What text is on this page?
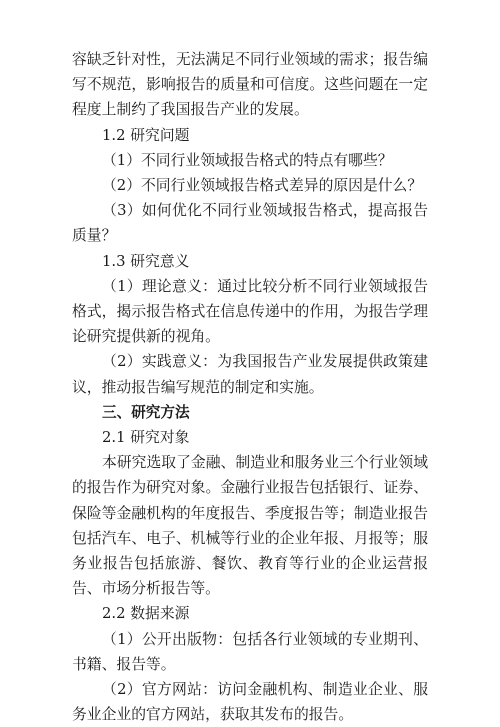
容缺乏针对性，无法满足不同行业领域的需求；报告编写不规范，影响报告的质量和可信度。这些问题在一定程度上制约了我国报告产业的发展。

1.2 研究问题

（1）不同行业领域报告格式的特点有哪些？

（2）不同行业领域报告格式差异的原因是什么？

（3）如何优化不同行业领域报告格式，提高报告质量？

1.3 研究意义

（1）理论意义：通过比较分析不同行业领域报告格式，揭示报告格式在信息传递中的作用，为报告学理论研究提供新的视角。

（2）实践意义：为我国报告产业发展提供政策建议，推动报告编写规范的制定和实施。

三、研究方法

2.1 研究对象

本研究选取了金融、制造业和服务业三个行业领域的报告作为研究对象。金融行业报告包括银行、证券、保险等金融机构的年度报告、季度报告等；制造业报告包括汽车、电子、机械等行业的企业年报、月报等；服务业报告包括旅游、餐饮、教育等行业的企业运营报告、市场分析报告等。

2.2 数据来源

（1）公开出版物：包括各行业领域的专业期刊、书籍、报告等。

（2）官方网站：访问金融机构、制造业企业、服务业企业的官方网站，获取其发布的报告。
